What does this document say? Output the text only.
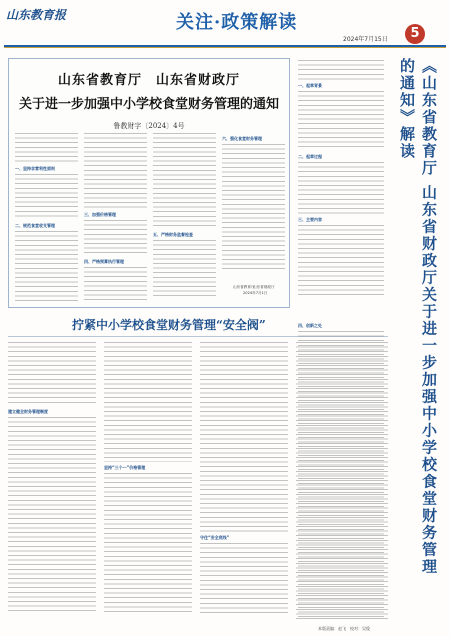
山东教育报	关注·政策解读
2024年7月15日	5
山东省教育厅　山东省财政厅
关于进一步加强中小学校食堂财务管理的通知
鲁教财字〔2024〕4号
一、坚持非营利性原则
二、规范食堂收支管理
三、加强价格管理
四、严格预算执行管理
五、严格财务监督检查
六、强化食堂财务管理
山东省教育厅
山东省财政厅
2024年7月1日
一、起草背景
二、起草过程
三、主要内容	《山东省教育厅 山东省财政厅关于进一步加强中小学校食堂财务管理的通知》解读
拧紧中小学校食堂财务管理“安全阀”
建立健全财务管理制度
坚持“三个一”价格管理
守住“安全底线”
四、创新之处
本版责编：赵飞　校对：吴俊
